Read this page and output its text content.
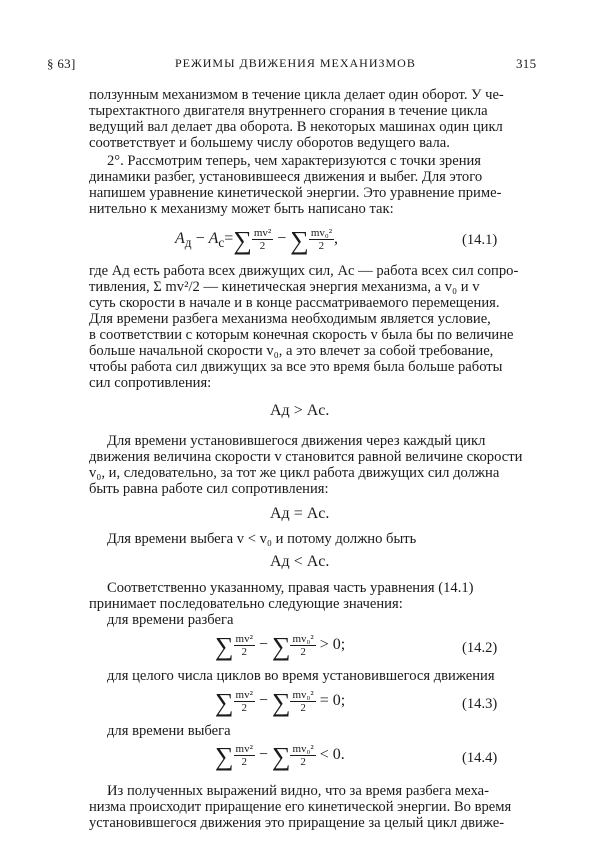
§ 63]	РЕЖИМЫ ДВИЖЕНИЯ МЕХАНИЗМОВ	315
ползунным механизмом в течение цикла делает один оборот. У че-
тырехтактного двигателя внутреннего сгорания в течение цикла
ведущий вал делает два оборота. В некоторых машинах один цикл
соответствует и большему числу оборотов ведущего вала.
2°. Рассмотрим теперь, чем характеризуются с точки зрения
динамики разбег, установившееся движения и выбег. Для этого
напишем уравнение кинетической энергии. Это уравнение приме-
нительно к механизму может быть написано так:
$A_д - A_с=\sum \frac{\text{mv²}}{2}$ − ∑ $\frac{\text{mv₀²}}{2}$ ,	(14.1)
где Aд есть работа всех движущих сил, Aс — работа всех сил сопро-
тивления, Σ mv²/2 — кинетическая энергия механизма, а v₀ и v
суть скорости в начале и в конце рассматриваемого перемещения.
Для времени разбега механизма необходимым является условие,
в соответствии с которым конечная скорость v была бы по величине
больше начальной скорости v₀, а это влечет за собой требование,
чтобы работа сил движущих за все это время была больше работы
сил сопротивления:
Aд > Aс.
Для времени установившегося движения через каждый цикл
движения величина скорости v становится равной величине скорости
v₀, и, следовательно, за тот же цикл работа движущих сил должна
быть равна работе сил сопротивления:
Aд = Aс.
Для времени выбега v < v₀ и потому должно быть
Aд < Aс.
Соответственно указанному, правая часть уравнения (14.1)
принимает последовательно следующие значения:
для времени разбега
∑ $\frac{\text{mv²}}{2}$ − ∑ $\frac{\text{mv₀²}}{2} > 0$;	(14.2)
для целого числа циклов во время установившегося движения
∑ $\frac{\text{mv²}}{2}$ − ∑ $\frac{\text{mv₀²}}{2} = 0$;	(14.3)
для времени выбега
∑ $\frac{\text{mv²}}{2}$ − ∑ $\frac{\text{mv₀²}}{2} < 0$.	(14.4)
Из полученных выражений видно, что за время разбега меха-
низма происходит приращение его кинетической энергии. Во время
установившегося движения это приращение за целый цикл движе-
